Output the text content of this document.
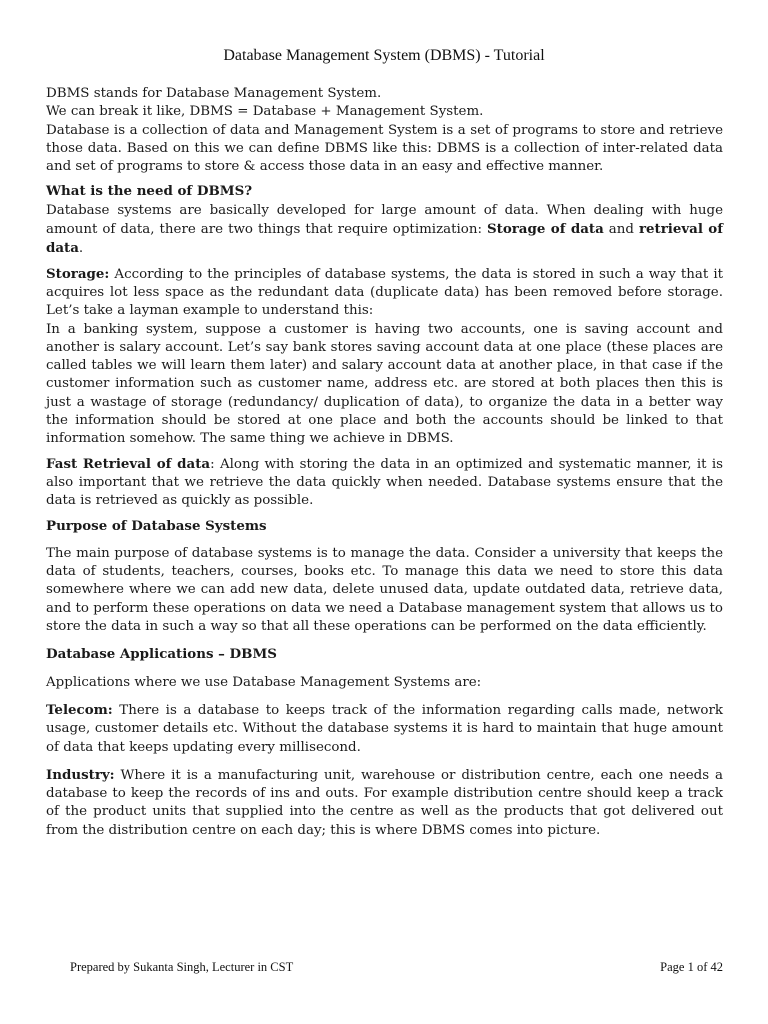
Database Management System (DBMS) - Tutorial

DBMS stands for Database Management System.

We can break it like, DBMS = Database + Management System.

Database is a collection of data and Management System is a set of programs to store and retrieve those data. Based on this we can define DBMS like this: DBMS is a collection of inter-related data and set of programs to store & access those data in an easy and effective manner.

What is the need of DBMS?

Database systems are basically developed for large amount of data. When dealing with huge amount of data, there are two things that require optimization: Storage of data and retrieval of data.

Storage: According to the principles of database systems, the data is stored in such a way that it acquires lot less space as the redundant data (duplicate data) has been removed before storage. Let’s take a layman example to understand this:

In a banking system, suppose a customer is having two accounts, one is saving account and another is salary account. Let’s say bank stores saving account data at one place (these places are called tables we will learn them later) and salary account data at another place, in that case if the customer information such as customer name, address etc. are stored at both places then this is just a wastage of storage (redundancy/ duplication of data), to organize the data in a better way the information should be stored at one place and both the accounts should be linked to that information somehow. The same thing we achieve in DBMS.

Fast Retrieval of data: Along with storing the data in an optimized and systematic manner, it is also important that we retrieve the data quickly when needed. Database systems ensure that the data is retrieved as quickly as possible.

Purpose of Database Systems

The main purpose of database systems is to manage the data. Consider a university that keeps the data of students, teachers, courses, books etc. To manage this data we need to store this data somewhere where we can add new data, delete unused data, update outdated data, retrieve data, and to perform these operations on data we need a Database management system that allows us to store the data in such a way so that all these operations can be performed on the data efficiently.

Database Applications – DBMS

Applications where we use Database Management Systems are:

Telecom: There is a database to keeps track of the information regarding calls made, network usage, customer details etc. Without the database systems it is hard to maintain that huge amount of data that keeps updating every millisecond.

Industry: Where it is a manufacturing unit, warehouse or distribution centre, each one needs a database to keep the records of ins and outs. For example distribution centre should keep a track of the product units that supplied into the centre as well as the products that got delivered out from the distribution centre on each day; this is where DBMS comes into picture.

Prepared by Sukanta Singh, Lecturer in CST	Page 1 of 42
